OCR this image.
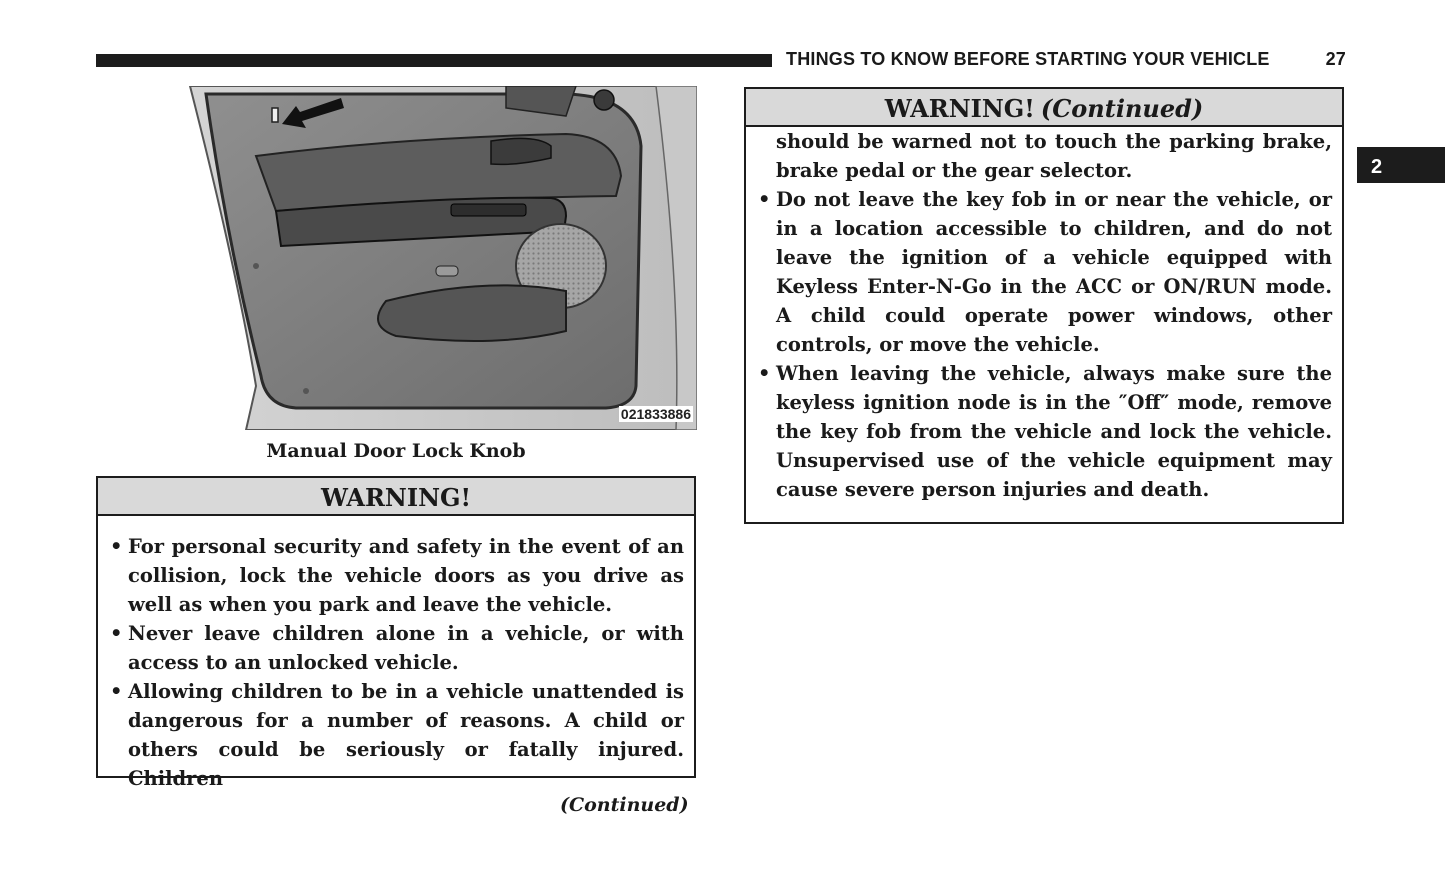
THINGS TO KNOW BEFORE STARTING YOUR VEHICLE	27
2
021833886
Manual Door Lock Knob
WARNING!
• For personal security and safety in the event of an collision, lock the vehicle doors as you drive as well as when you park and leave the vehicle.
• Never leave children alone in a vehicle, or with access to an unlocked vehicle.
• Allowing children to be in a vehicle unattended is dangerous for a number of reasons. A child or others could be seriously or fatally injured. Children
(Continued)
WARNING! (Continued)
should be warned not to touch the parking brake, brake pedal or the gear selector.
• Do not leave the key fob in or near the vehicle, or in a location accessible to children, and do not leave the ignition of a vehicle equipped with Keyless Enter-N-Go in the ACC or ON/RUN mode. A child could operate power windows, other controls, or move the vehicle.
• When leaving the vehicle, always make sure the keyless ignition node is in the ″Off″ mode, remove the key fob from the vehicle and lock the vehicle. Unsupervised use of the vehicle equipment may cause severe person injuries and death.
